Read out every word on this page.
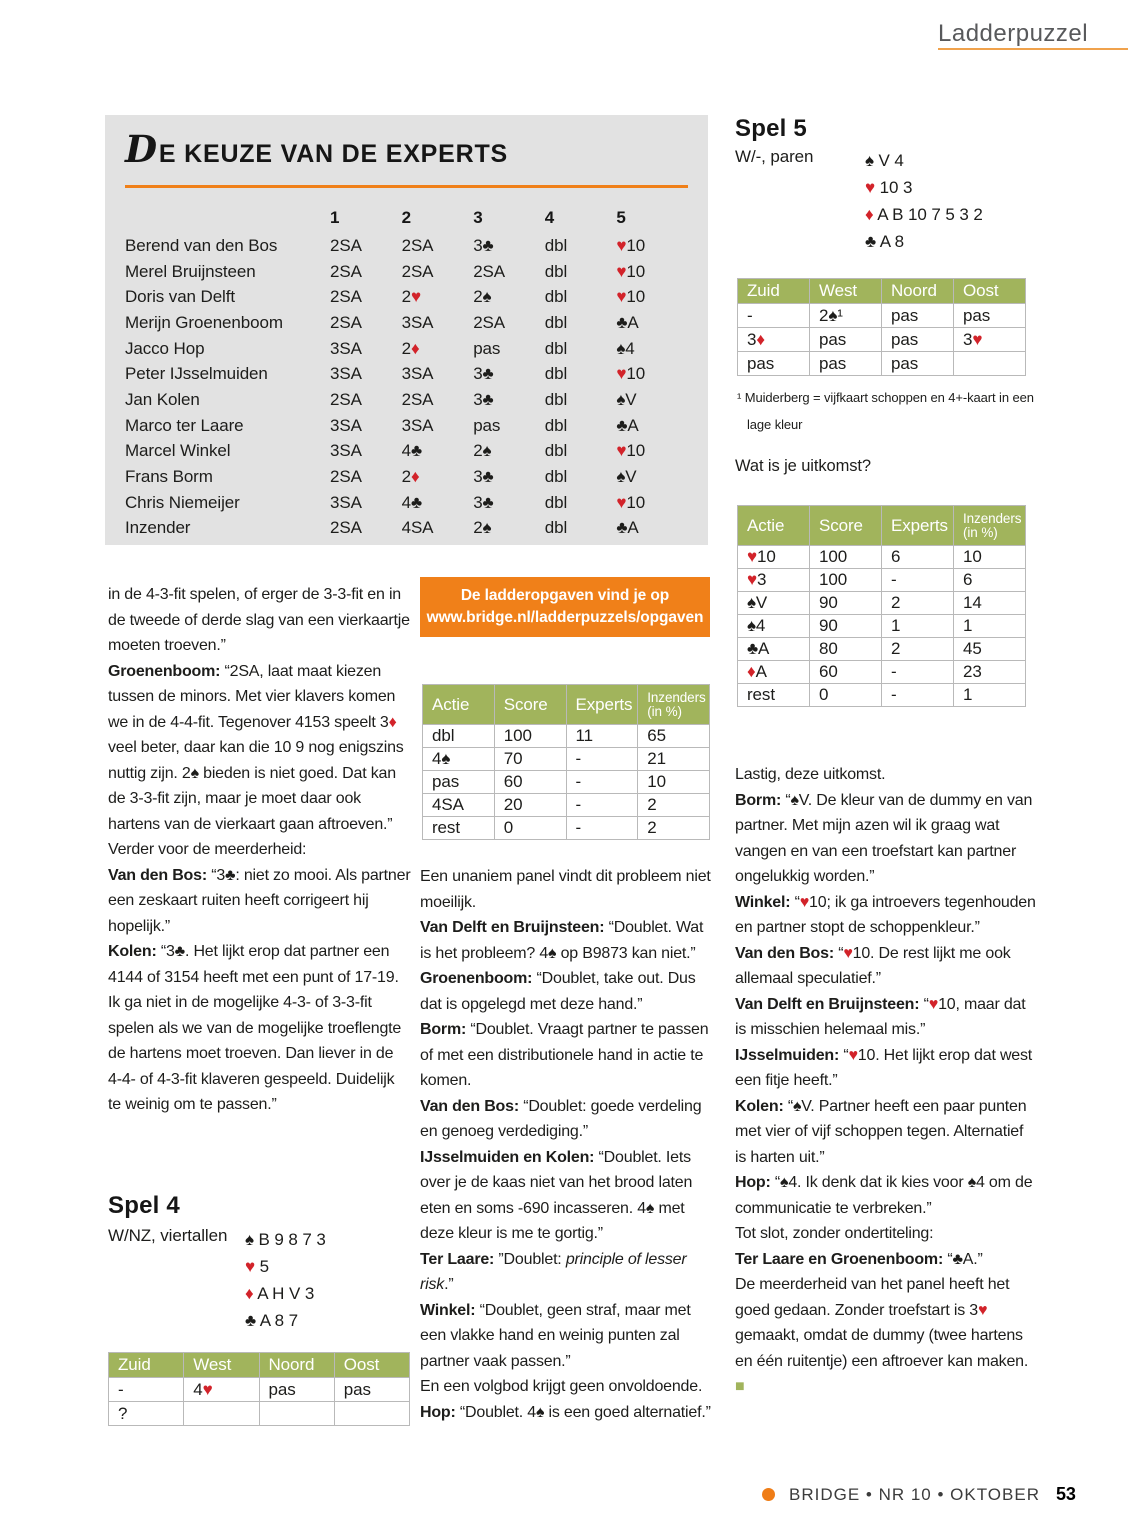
Ladderpuzzel
DE KEUZE VAN DE EXPERTS
	1	2	3	4	5
Berend van den Bos	2SA	2SA	3♣	dbl	♥10
Merel Bruijnsteen	2SA	2SA	2SA	dbl	♥10
Doris van Delft	2SA	2♥	2♠	dbl	♥10
Merijn Groenenboom	2SA	3SA	2SA	dbl	♣A
Jacco Hop	3SA	2♦	pas	dbl	♠4
Peter IJsselmuiden	3SA	3SA	3♣	dbl	♥10
Jan Kolen	2SA	2SA	3♣	dbl	♠V
Marco ter Laare	3SA	3SA	pas	dbl	♣A
Marcel Winkel	3SA	4♣	2♠	dbl	♥10
Frans Borm	2SA	2♦	3♣	dbl	♠V
Chris Niemeijer	3SA	4♣	3♣	dbl	♥10
Inzender	2SA	4SA	2♠	dbl	♣A

in de 4-3-fit spelen, of erger de 3-3-fit en in de tweede of derde slag van een vierkaartje moeten troeven.”

Groenenboom: “2SA, laat maat kiezen tussen de minors. Met vier klavers komen we in de 4-4-fit. Tegenover 4153 speelt 3♦ veel beter, daar kan die 10 9 nog enigszins nuttig zijn. 2♠ bieden is niet goed. Dat kan de 3-3-fit zijn, maar je moet daar ook hartens van de vierkaart gaan aftroeven.”

Verder voor de meerderheid:

Van den Bos: “3♣: niet zo mooi. Als partner een zeskaart ruiten heeft corrigeert hij hopelijk.”

Kolen: “3♣. Het lijkt erop dat partner een 4144 of 3154 heeft met een punt of 17-19. Ik ga niet in de mogelijke 4-3- of 3-3-fit spelen als we van de mogelijke troeflengte de hartens moet troeven. Dan liever in de 4-4- of 4-3-fit klaveren gespeeld. Duidelijk te weinig om te passen.”

Spel 4
W/NZ, viertallen ♠ B 9 8 7 3
♥ 5
♦ A H V 3
♣ A 8 7
Zuid	West	Noord	Oost
-	4♥	pas	pas
?			
De ladderopgaven vind je op
www.bridge.nl/ladderpuzzels/opgaven
Actie	Score	Experts	Inzenders
(in %)

dbl	100	11	65
4♠	70	-	21
pas	60	-	10
4SA	20	-	2
rest	0	-	2

Een unaniem panel vindt dit probleem niet moeilijk.

Van Delft en Bruijnsteen: “Doublet. Wat is het probleem? 4♠ op B9873 kan niet.”

Groenenboom: “Doublet, take out. Dus dat is opgelegd met deze hand.”

Borm: “Doublet. Vraagt partner te passen of met een distributionele hand in actie te komen.

Van den Bos: “Doublet: goede verdeling en genoeg verdediging.”

IJsselmuiden en Kolen: “Doublet. Iets over je de kaas niet van het brood laten eten en soms -690 incasseren. 4♠ met deze kleur is me te gortig.”

Ter Laare: ”Doublet: principle of lesser risk.”

Winkel: “Doublet, geen straf, maar met een vlakke hand en weinig punten zal partner vaak passen.”

En een volgbod krijgt geen onvoldoende.

Hop: “Doublet. 4♠ is een goed alternatief.”

Spel 5
W/-, paren	♠ V 4
♥ 10 3
♦ A B 10 7 5 3 2
♣ A 8
Zuid	West	Noord	Oost
-	2♠¹	pas	pas
3♦	pas	pas	3♥
pas	pas	pas	
¹ Muiderberg = vijfkaart schoppen en 4+-kaart in een lage kleur
Wat is je uitkomst?
Actie	Score	Experts	Inzenders
(in %)

♥10	100	6	10
♥3	100	-	6
♠V	90	2	14
♠4	90	1	1
♣A	80	2	45
♦A	60	-	23
rest	0	-	1

Lastig, deze uitkomst.

Borm: “♠V. De kleur van de dummy en van partner. Met mijn azen wil ik graag wat vangen en van een troefstart kan partner ongelukkig worden.”

Winkel: “♥10; ik ga introevers tegenhouden en partner stopt de schoppenkleur.”

Van den Bos: “♥10. De rest lijkt me ook allemaal speculatief.”

Van Delft en Bruijnsteen: “♥10, maar dat is misschien helemaal mis.”

IJsselmuiden: “♥10. Het lijkt erop dat west een fitje heeft.”

Kolen: “♠V. Partner heeft een paar punten met vier of vijf schoppen tegen. Alternatief is harten uit.”

Hop: “♠4. Ik denk dat ik kies voor ♠4 om de communicatie te verbreken.”

Tot slot, zonder ondertiteling:

Ter Laare en Groenenboom: “♣A.”

De meerderheid van het panel heeft het goed gedaan. Zonder troefstart is 3♥ gemaakt, omdat de dummy (twee hartens en één ruitentje) een aftroever kan maken. ■

BRIDGE • NR 10 • OKTOBER 53
